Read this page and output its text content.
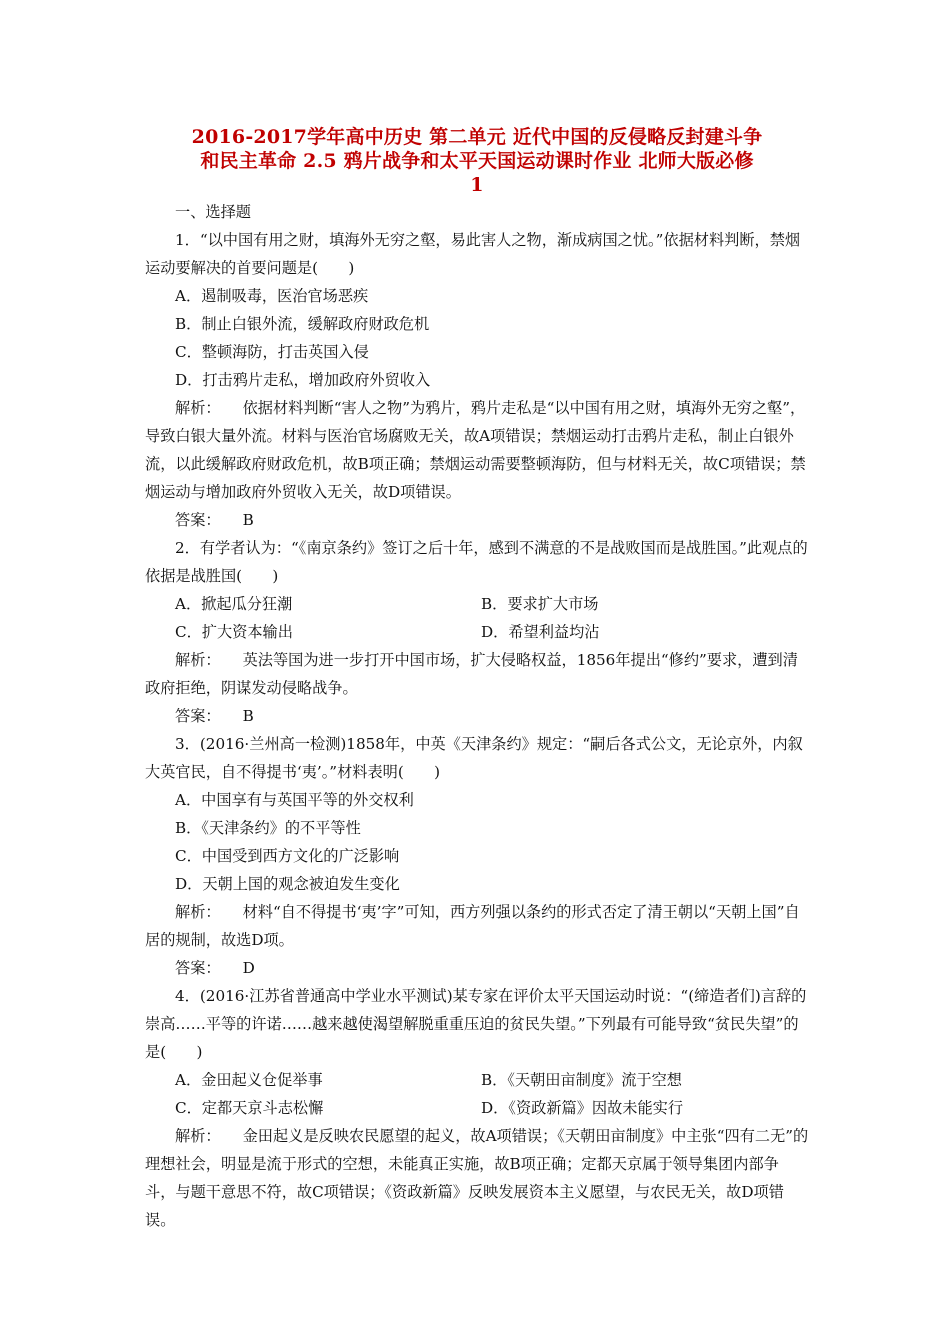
2016-2017学年高中历史 第二单元 近代中国的反侵略反封建斗争
和民主革命 2.5 鸦片战争和太平天国运动课时作业 北师大版必修
1
一、选择题

1．“以中国有用之财，填海外无穷之壑，易此害人之物，渐成病国之忧。”依据材料判断，禁烟运动要解决的首要问题是(　　)

A．遏制吸毒，医治官场恶疾

B．制止白银外流，缓解政府财政危机

C．整顿海防，打击英国入侵

D．打击鸦片走私，增加政府外贸收入

解析： 依据材料判断“害人之物”为鸦片，鸦片走私是“以中国有用之财，填海外无穷之壑”，导致白银大量外流。材料与医治官场腐败无关，故A项错误；禁烟运动打击鸦片走私，制止白银外流，以此缓解政府财政危机，故B项正确；禁烟运动需要整顿海防，但与材料无关，故C项错误；禁烟运动与增加政府外贸收入无关，故D项错误。

答案： B

2．有学者认为：“《南京条约》签订之后十年，感到不满意的不是战败国而是战胜国。”此观点的依据是战胜国(　　)

A．掀起瓜分狂潮	B．要求扩大市场
C．扩大资本输出	D．希望利益均沾

解析： 英法等国为进一步打开中国市场，扩大侵略权益，1856年提出“修约”要求，遭到清政府拒绝，阴谋发动侵略战争。

答案： B

3．(2016·兰州高一检测)1858年，中英《天津条约》规定：“嗣后各式公文，无论京外，内叙大英官民，自不得提书‘夷’。”材料表明(　　)

A．中国享有与英国平等的外交权利

B．《天津条约》的不平等性

C．中国受到西方文化的广泛影响

D．天朝上国的观念被迫发生变化

解析： 材料“自不得提书‘夷’字”可知，西方列强以条约的形式否定了清王朝以“天朝上国”自居的规制，故选D项。

答案： D

4．(2016·江苏省普通高中学业水平测试)某专家在评价太平天国运动时说：“(缔造者们)言辞的崇高……平等的许诺……越来越使渴望解脱重重压迫的贫民失望。”下列最有可能导致“贫民失望”的是(　　)

A．金田起义仓促举事	B．《天朝田亩制度》流于空想
C．定都天京斗志松懈	D．《资政新篇》因故未能实行

解析： 金田起义是反映农民愿望的起义，故A项错误；《天朝田亩制度》中主张“四有二无”的理想社会，明显是流于形式的空想，未能真正实施，故B项正确；定都天京属于领导集团内部争斗，与题干意思不符，故C项错误；《资政新篇》反映发展资本主义愿望，与农民无关，故D项错误。
